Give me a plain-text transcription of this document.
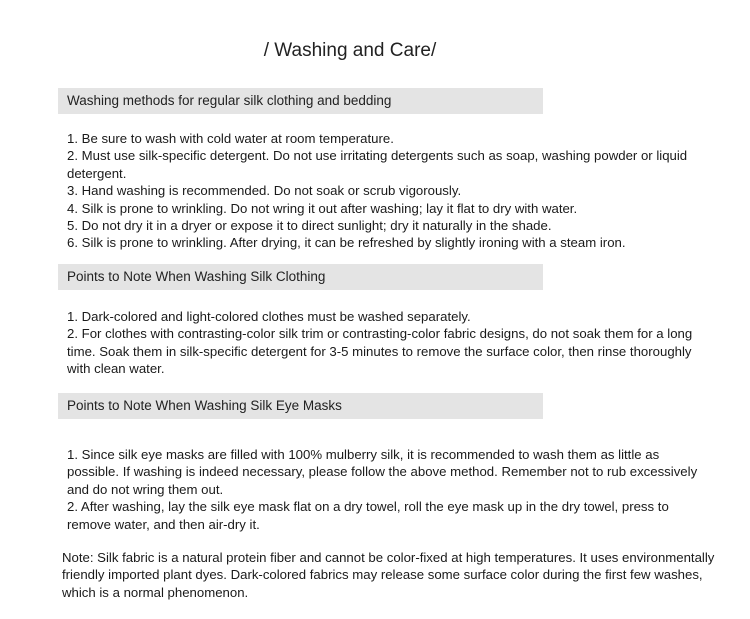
/ Washing and Care/
Washing methods for regular silk clothing and bedding

1. Be sure to wash with cold water at room temperature.

2. Must use silk-specific detergent. Do not use irritating detergents such as soap, washing powder or liquid detergent.

3. Hand washing is recommended. Do not soak or scrub vigorously.

4. Silk is prone to wrinkling. Do not wring it out after washing; lay it flat to dry with water.

5. Do not dry it in a dryer or expose it to direct sunlight; dry it naturally in the shade.

6. Silk is prone to wrinkling. After drying, it can be refreshed by slightly ironing with a steam iron.

Points to Note When Washing Silk Clothing

1. Dark-colored and light-colored clothes must be washed separately.

2. For clothes with contrasting-color silk trim or contrasting-color fabric designs, do not soak them for a long time. Soak them in silk-specific detergent for 3-5 minutes to remove the surface color, then rinse thoroughly with clean water.

Points to Note When Washing Silk Eye Masks

1. Since silk eye masks are filled with 100% mulberry silk, it is recommended to wash them as little as possible. If washing is indeed necessary, please follow the above method. Remember not to rub excessively and do not wring them out.

2. After washing, lay the silk eye mask flat on a dry towel, roll the eye mask up in the dry towel, press to remove water, and then air-dry it.

Note: Silk fabric is a natural protein fiber and cannot be color-fixed at high temperatures. It uses environmentally friendly imported plant dyes. Dark-colored fabrics may release some surface color during the first few washes, which is a normal phenomenon.
